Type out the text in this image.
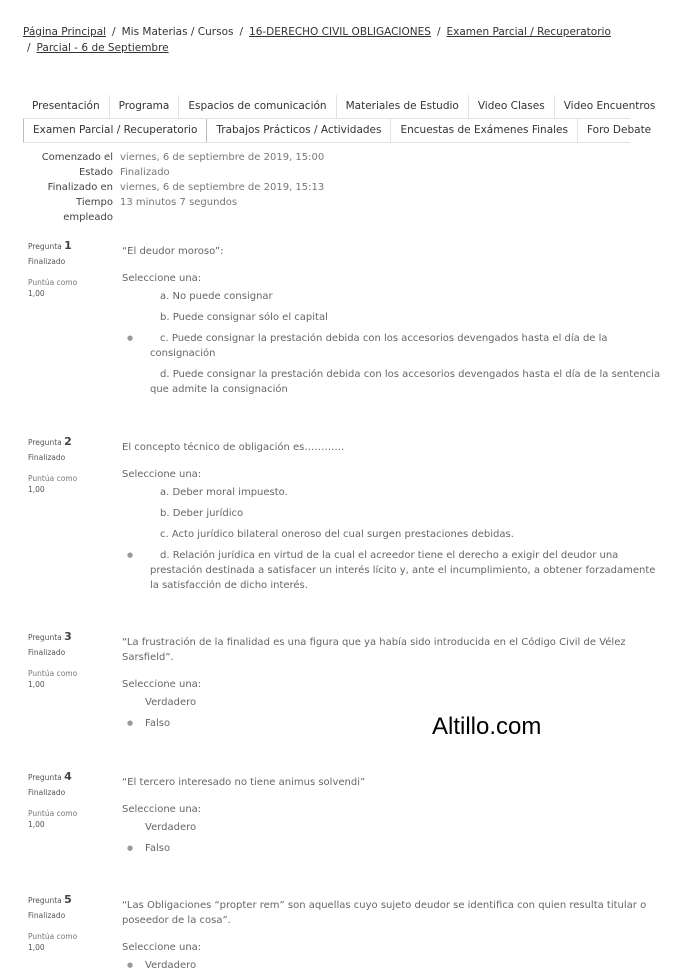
Página Principal / Mis Materias / Cursos / 16-DERECHO CIVIL OBLIGACIONES / Examen Parcial / Recuperatorio
/ Parcial - 6 de Septiembre
Presentación	Programa	Espacios de comunicación	Materiales de Estudio	Video Clases	Video Encuentros
Examen Parcial / Recuperatorio	Trabajos Prácticos / Actividades	Encuestas de Exámenes Finales	Foro Debate
Comenzado el viernes, 6 de septiembre de 2019, 15:00
Estado Finalizado
Finalizado en viernes, 6 de septiembre de 2019, 15:13
Tiempo 13 minutos 7 segundos
empleado
Pregunta 1
Finalizado
Puntúa como
1,00
“El deudor moroso”:
Seleccione una:
a. No puede consignar
b. Puede consignar sólo el capital
●	c. Puede consignar la prestación debida con los accesorios devengados hasta el día de la consignación
d. Puede consignar la prestación debida con los accesorios devengados hasta el día de la sentencia que admite la consignación
Pregunta 2
Finalizado
Puntúa como
1,00
El concepto técnico de obligación es…………
Seleccione una:
a. Deber moral impuesto.
b. Deber jurídico
c. Acto jurídico bilateral oneroso del cual surgen prestaciones debidas.
●	d. Relación jurídica en virtud de la cual el acreedor tiene el derecho a exigir del deudor una prestación destinada a satisfacer un interés lícito y, ante el incumplimiento, a obtener forzadamente la satisfacción de dicho interés.
Pregunta 3
Finalizado
Puntúa como
1,00
“La frustración de la finalidad es una figura que ya había sido introducida en el Código Civil de Vélez Sarsfield”.
Seleccione una:
Verdadero
● Falso
Pregunta 4
Finalizado
Puntúa como
1,00
“El tercero interesado no tiene animus solvendi”
Seleccione una:
Verdadero
● Falso
Pregunta 5
Finalizado
Puntúa como
1,00
“Las Obligaciones “propter rem” son aquellas cuyo sujeto deudor se identifica con quien resulta titular o poseedor de la cosa”.
Seleccione una:
● Verdadero
Altillo.com
